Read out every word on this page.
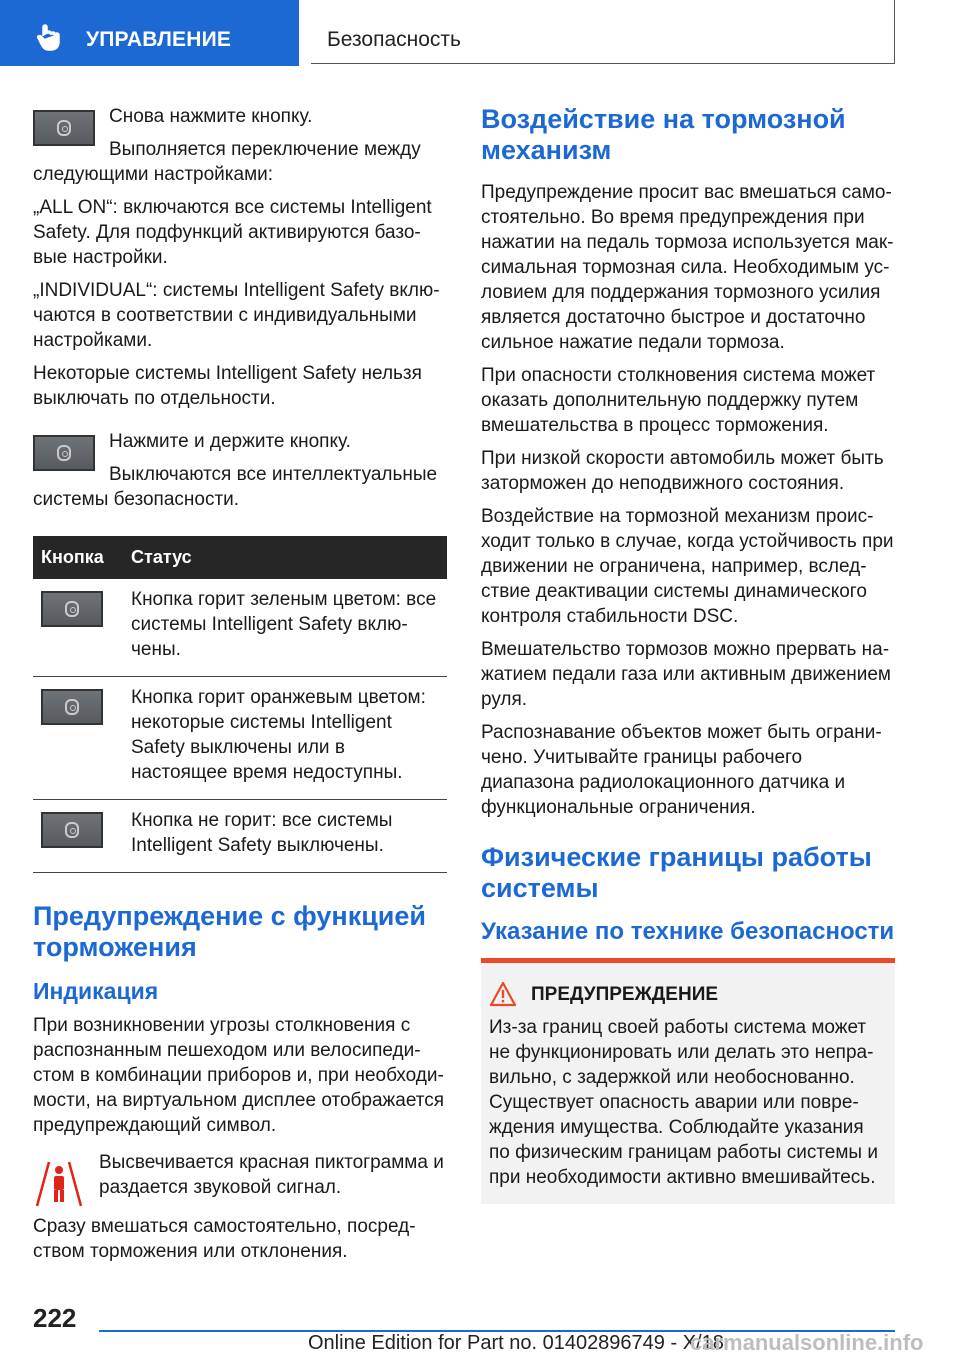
УПРАВЛЕНИЕ	Безопасность

Снова нажмите кнопку.

Выполняется переключение между следующими настройками:

„ALL ON“: включаются все системы Intelligent Safety. Для подфункций активируются базовые настройки.

„INDIVIDUAL“: системы Intelligent Safety включаются в соответствии с индивидуальными настройками.

Некоторые системы Intelligent Safety нельзя выключать по отдельности.

Нажмите и держите кнопку.

Выключаются все интеллектуальные системы безопасности.

Кнопка	Статус

	Кнопка горит зеленым цветом: все системы Intelligent Safety включены.

	Кнопка горит оранжевым цветом: некоторые системы Intelligent Safety выключены или в настоящее время недоступны.

	Кнопка не горит: все системы Intelligent Safety выключены.
Предупреждение с функцией торможения
Индикация

При возникновении угрозы столкновения с распознанным пешеходом или велосипедистом в комбинации приборов и, при необходимости, на виртуальном дисплее отображается предупреждающий символ.

Высвечивается красная пиктограмма и раздается звуковой сигнал.

Сразу вмешаться самостоятельно, посредством торможения или отклонения.

Воздействие на тормозной механизм

Предупреждение просит вас вмешаться самостоятельно. Во время предупреждения при нажатии на педаль тормоза используется максимальная тормозная сила. Необходимым условием для поддержания тормозного усилия является достаточно быстрое и достаточно сильное нажатие педали тормоза.

При опасности столкновения система может оказать дополнительную поддержку путем вмешательства в процесс торможения.

При низкой скорости автомобиль может быть заторможен до неподвижного состояния.

Воздействие на тормозной механизм происходит только в случае, когда устойчивость при движении не ограничена, например, вследствие деактивации системы динамического контроля стабильности DSC.

Вмешательство тормозов можно прервать нажатием педали газа или активным движением руля.

Распознавание объектов может быть ограничено. Учитывайте границы рабочего диапазона радиолокационного датчика и функциональные ограничения.

Физические границы работы системы
Указание по технике безопасности
ПРЕДУПРЕЖДЕНИЕ

Из-за границ своей работы система может не функционировать или делать это неправильно, с задержкой или необоснованно. Существует опасность аварии или повреждения имущества. Соблюдайте указания по физическим границам работы системы и при необходимости активно вмешивайтесь.

222
Online Edition for Part no. 01402896749 - X/18
carmanualsonline.info
